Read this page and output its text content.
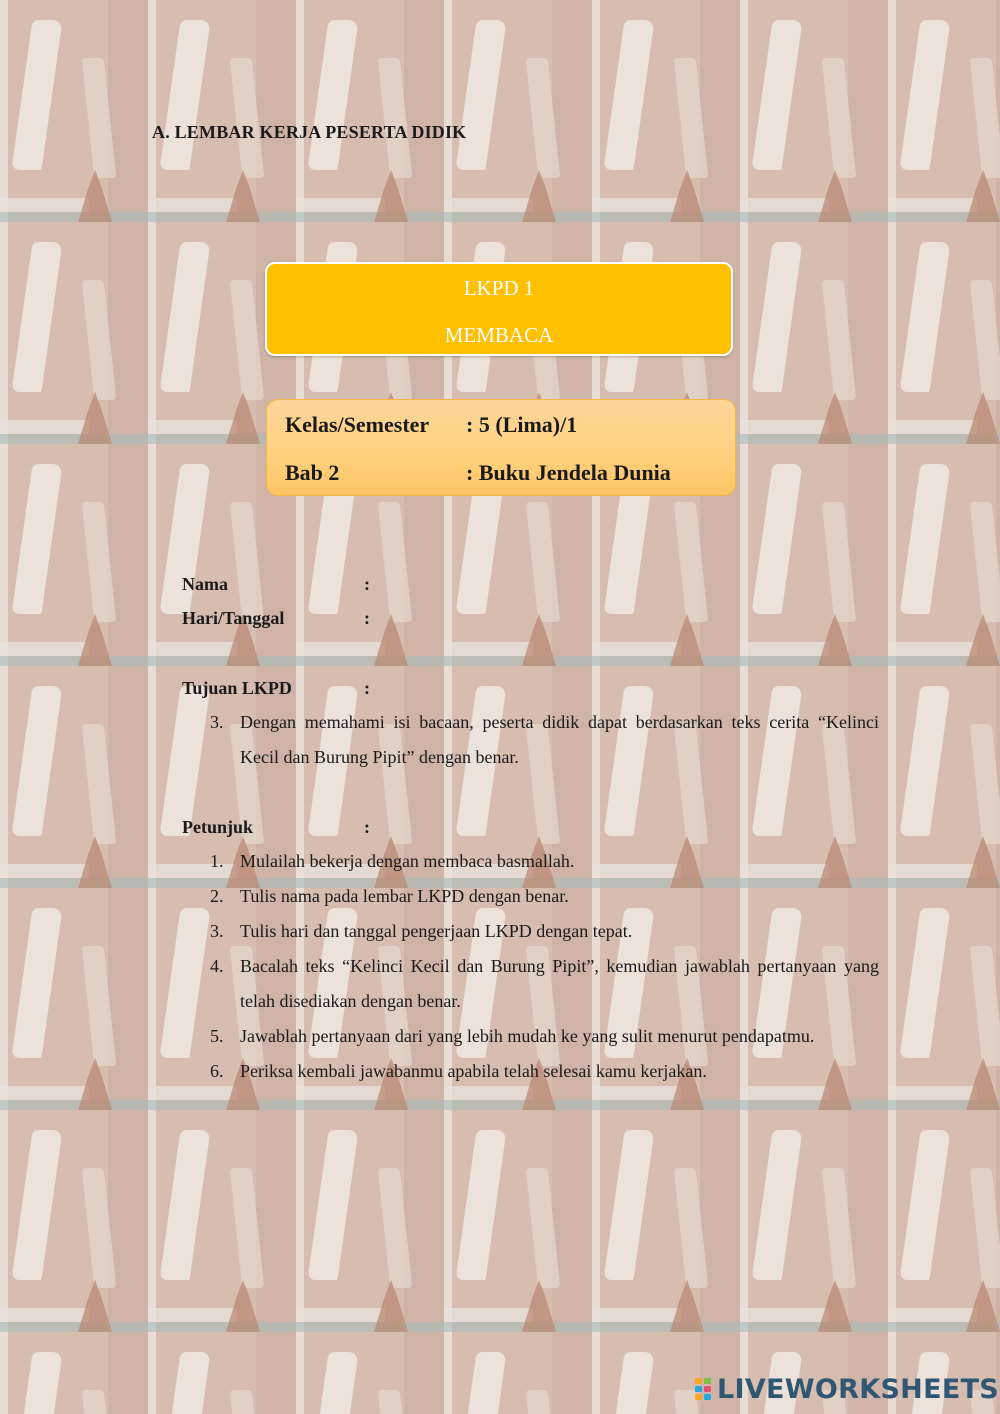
A. LEMBAR KERJA PESERTA DIDIK
LKPD 1
MEMBACA
Kelas/Semester : 5 (Lima)/1
Bab 2	: Buku Jendela Dunia
Nama	:
Hari/Tanggal	:
Tujuan LKPD	:
3. Dengan memahami isi bacaan, peserta didik dapat berdasarkan teks cerita “Kelinci Kecil dan Burung Pipit” dengan benar.
Petunjuk	:
1. Mulailah bekerja dengan membaca basmallah.
2. Tulis nama pada lembar LKPD dengan benar.
3. Tulis hari dan tanggal pengerjaan LKPD dengan tepat.
4. Bacalah teks “Kelinci Kecil dan Burung Pipit”, kemudian jawablah pertanyaan yang telah disediakan dengan benar.
5. Jawablah pertanyaan dari yang lebih mudah ke yang sulit menurut pendapatmu.
6. Periksa kembali jawabanmu apabila telah selesai kamu kerjakan.
LIVEWORKSHEETS
